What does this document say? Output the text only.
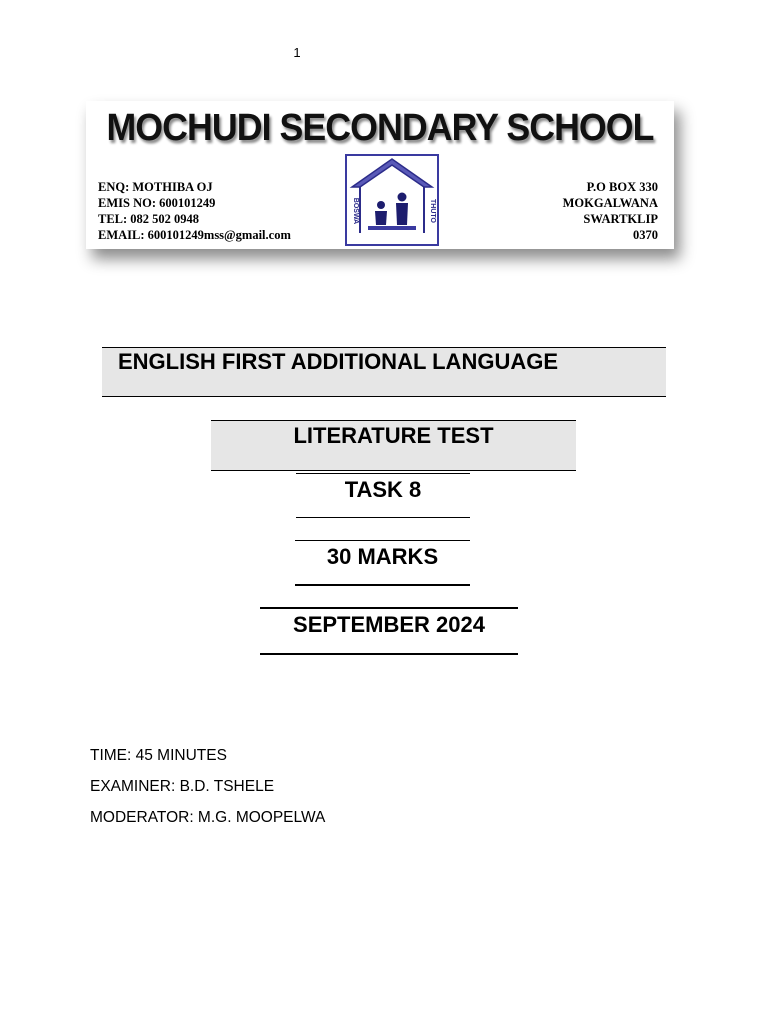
1
MOCHUDI SECONDARY SCHOOL
ENQ: MOTHIBA OJ
EMIS NO: 600101249
TEL: 082 502 0948
EMAIL: 600101249mss@gmail.com
EDUCATION
BOSWA	THUTO
P.O BOX 330
MOKGALWANA
SWARTKLIP
0370
ENGLISH FIRST ADDITIONAL LANGUAGE
LITERATURE TEST
TASK 8
30 MARKS
SEPTEMBER 2024
TIME: 45 MINUTES
EXAMINER: B.D. TSHELE
MODERATOR: M.G. MOOPELWA
